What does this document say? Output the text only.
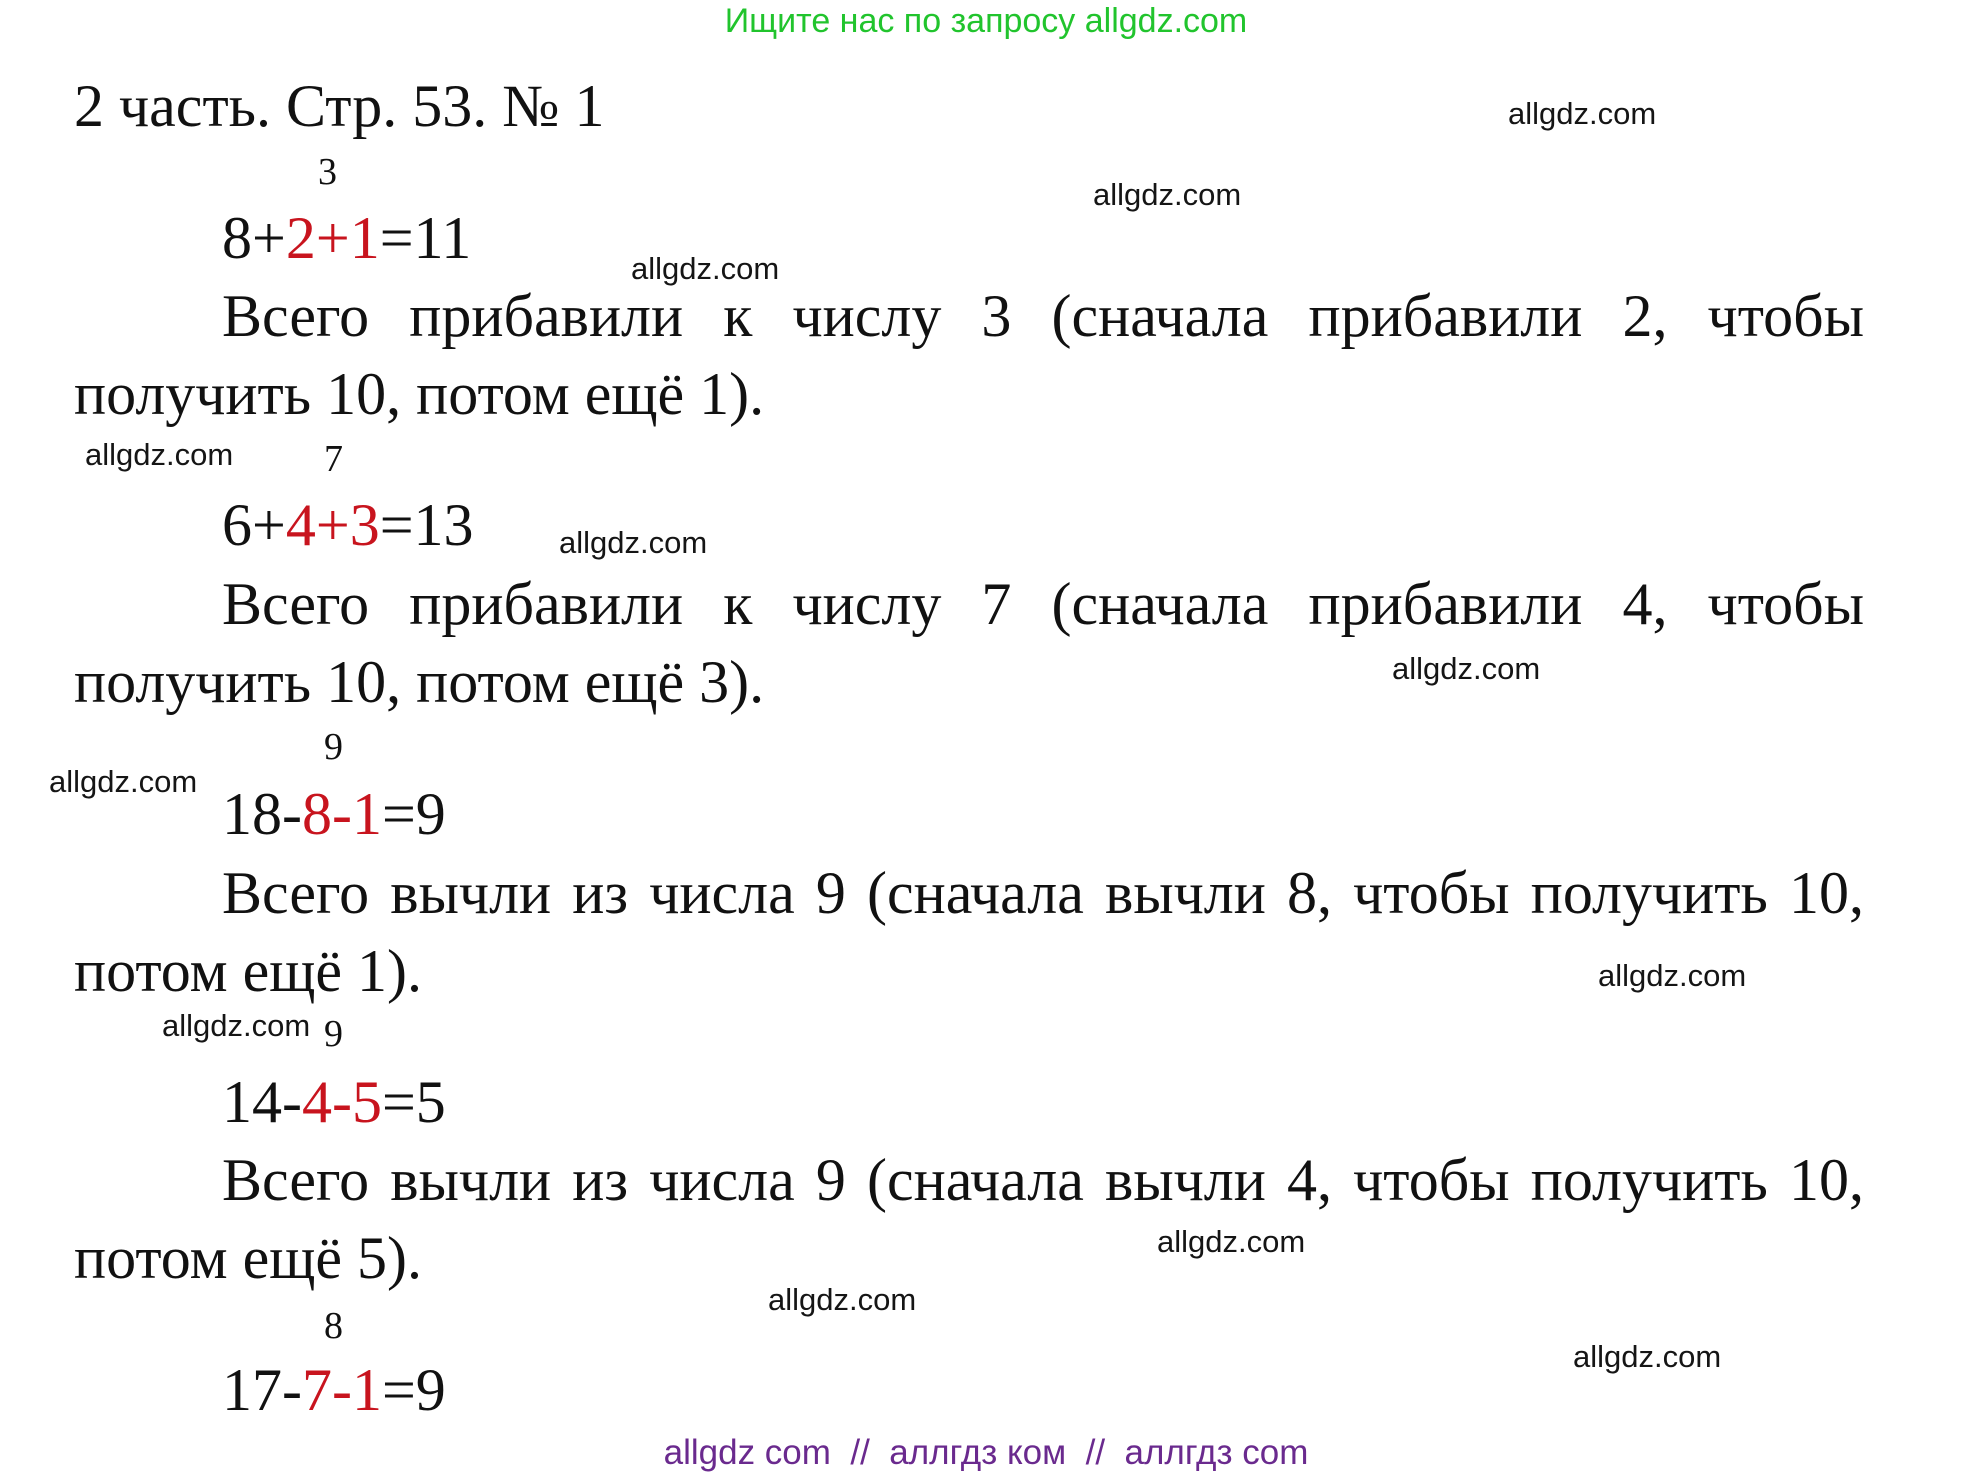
Ищите нас по запросу allgdz.com
2 часть. Стр. 53. № 1
3
8+2+1=11
Всего прибавили к числу 3 (сначала прибавили 2, чтобы
получить 10, потом ещё 1).
7
6+4+3=13
Всего прибавили к числу 7 (сначала прибавили 4, чтобы
получить 10, потом ещё 3).
9
18-8-1=9
Всего вычли из числа 9 (сначала вычли 8, чтобы получить 10,
потом ещё 1).
9
14-4-5=5
Всего вычли из числа 9 (сначала вычли 4, чтобы получить 10,
потом ещё 5).
8
17-7-1=9
allgdz.com
allgdz.com
allgdz.com
allgdz.com
allgdz.com
allgdz.com
allgdz.com
allgdz.com
allgdz.com
allgdz.com
allgdz.com
allgdz.com
allgdz com  //  аллгдз ком  //  аллгдз com
